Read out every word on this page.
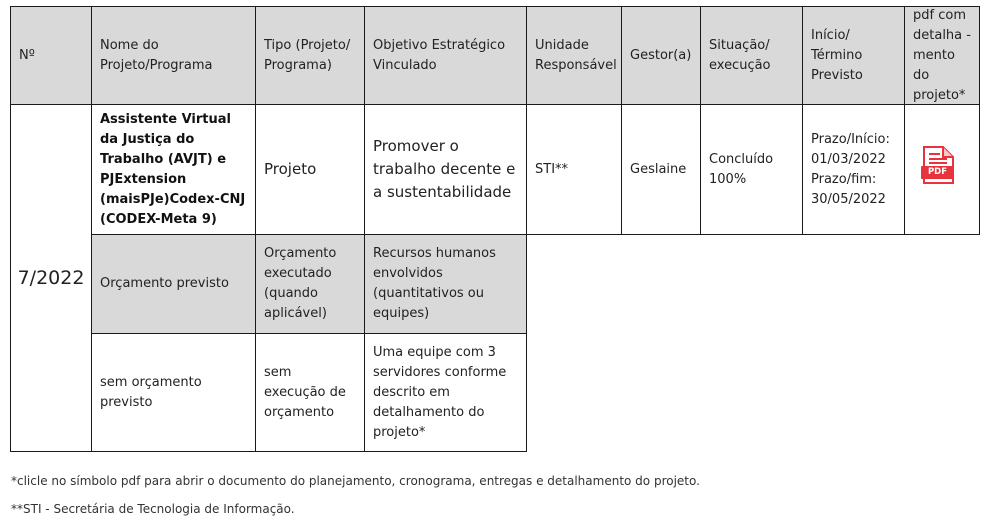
Nº
Nome do Projeto/Programa
Tipo (Projeto/ Programa)
Objetivo Estratégico Vinculado
Unidade Responsável
Gestor(a)
Situação/ execução
Início/ Término Previsto
pdf com detalha - mento do projeto*
7/2022
Assistente Virtual da Justiça do Trabalho (AVJT) e PJExtension (maisPJe)Codex-CNJ (CODEX-Meta 9)
Projeto
Promover o trabalho decente e a sustentabilidade
STI**	Geslaine
Concluído 100%
Prazo/Início: 01/03/2022
Prazo/fim: 30/05/2022
PDF
Orçamento previsto
Orçamento executado (quando aplicável)
Recursos humanos envolvidos (quantitativos ou equipes)
sem orçamento previsto
sem execução de orçamento
Uma equipe com 3 servidores conforme descrito em detalhamento do projeto*
*clicle no símbolo pdf para abrir o documento do planejamento, cronograma, entregas e detalhamento do projeto.
**STI - Secretária de Tecnologia de Informação.
